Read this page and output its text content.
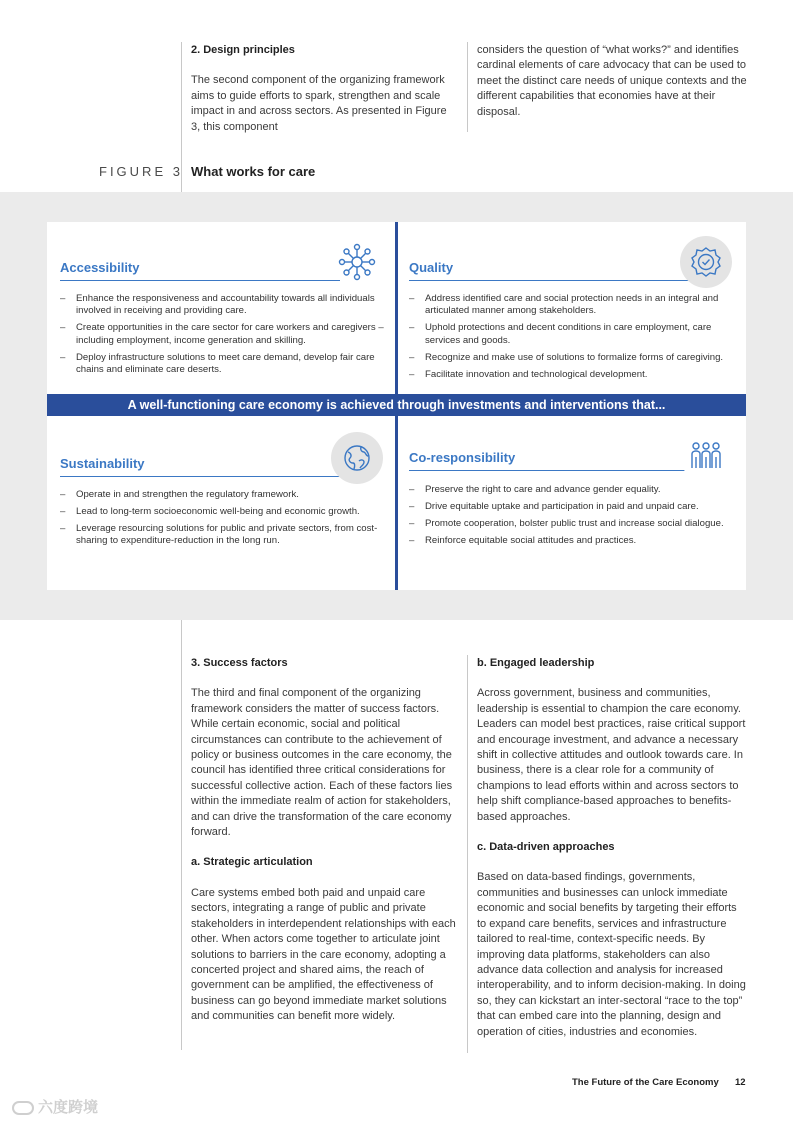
2. Design principles

The second component of the organizing framework aims to guide efforts to spark, strengthen and scale impact in and across sectors. As presented in Figure 3, this component

considers the question of “what works?” and identifies cardinal elements of care advocacy that can be used to meet the distinct care needs of unique contexts and the different capabilities that economies have at their disposal.

FIGURE 3 What works for care
Accessibility
– Enhance the responsiveness and accountability towards all individuals involved in receiving and providing care.
– Create opportunities in the care sector for care workers and caregivers – including employment, income generation and skilling.
– Deploy infrastructure solutions to meet care demand, develop fair care chains and eliminate care deserts.
Quality
– Address identified care and social protection needs in an integral and articulated manner among stakeholders.
– Uphold protections and decent conditions in care employment, care services and goods.
– Recognize and make use of solutions to formalize forms of caregiving.
– Facilitate innovation and technological development.
A well-functioning care economy is achieved through investments and interventions that...
Sustainability
– Operate in and strengthen the regulatory framework.
– Lead to long-term socioeconomic well-being and economic growth.
– Leverage resourcing solutions for public and private sectors, from cost-sharing to expenditure-reduction in the long run.
Co-responsibility
– Preserve the right to care and advance gender equality.
– Drive equitable uptake and participation in paid and unpaid care.
– Promote cooperation, bolster public trust and increase social dialogue.
– Reinforce equitable social attitudes and practices.
3. Success factors

The third and final component of the organizing framework considers the matter of success factors. While certain economic, social and political circumstances can contribute to the achievement of policy or business outcomes in the care economy, the council has identified three critical considerations for successful collective action. Each of these factors lies within the immediate realm of action for stakeholders, and can drive the transformation of the care economy forward.

a. Strategic articulation

Care systems embed both paid and unpaid care sectors, integrating a range of public and private stakeholders in interdependent relationships with each other. When actors come together to articulate joint solutions to barriers in the care economy, adopting a concerted project and shared aims, the reach of government can be amplified, the effectiveness of business can go beyond immediate market solutions and communities can benefit more widely.

b. Engaged leadership

Across government, business and communities, leadership is essential to champion the care economy. Leaders can model best practices, raise critical support and encourage investment, and advance a necessary shift in collective attitudes and outlook towards care. In business, there is a clear role for a community of champions to lead efforts within and across sectors to help shift compliance-based approaches to benefits-based approaches.

c. Data-driven approaches

Based on data-based findings, governments, communities and businesses can unlock immediate economic and social benefits by targeting their efforts to expand care benefits, services and infrastructure tailored to real-time, context-specific needs. By improving data platforms, stakeholders can also advance data collection and analysis for increased interoperability, and to inform decision-making. In doing so, they can kickstart an inter-sectoral “race to the top” that can embed care into the planning, design and operation of cities, industries and economies.

The Future of the Care Economy 12
六度跨境
